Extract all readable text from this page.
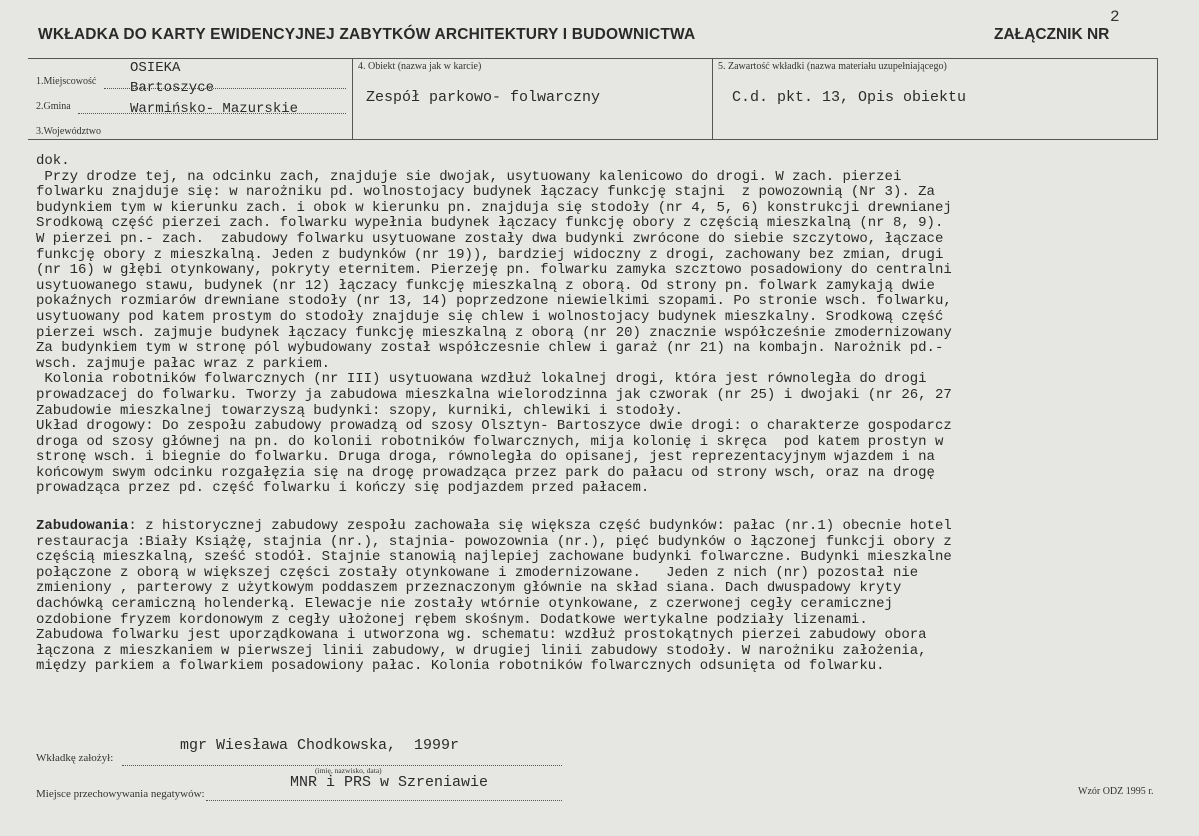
2
WKŁADKA DO KARTY EWIDENCYJNEJ ZABYTKÓW ARCHITEKTURY I BUDOWNICTWA	ZAŁĄCZNIK NR
1.Miejscowość
OSIEKA
Bartoszyce
2.Gmina	Warmińsko- Mazurskie
3.Województwo
4. Obiekt (nazwa jak w karcie)
Zespół parkowo- folwarczny
5. Zawartość wkładki (nazwa materiału uzupełniającego)
C.d. pkt. 13, Opis obiektu
dok.
Przy drodze tej, na odcinku zach, znajduje sie dwojak, usytuowany kalenicowo do drogi. W zach. pierzei
folwarku znajduje się: w narożniku pd. wolnostojacy budynek łączacy funkcję stajni  z powozownią (Nr 3). Za
budynkiem tym w kierunku zach. i obok w kierunku pn. znajduja się stodoły (nr 4, 5, 6) konstrukcji drewnianej
Srodkową część pierzei zach. folwarku wypełnia budynek łączacy funkcję obory z częścią mieszkalną (nr 8, 9).
W pierzei pn.- zach.  zabudowy folwarku usytuowane zostały dwa budynki zwrócone do siebie szczytowo, łączace
funkcję obory z mieszkalną. Jeden z budynków (nr 19)), bardziej widoczny z drogi, zachowany bez zmian, drugi
(nr 16) w głębi otynkowany, pokryty eternitem. Pierzeję pn. folwarku zamyka szcztowo posadowiony do centralni
usytuowanego stawu, budynek (nr 12) łączacy funkcję mieszkalną z oborą. Od strony pn. folwark zamykają dwie
pokaźnych rozmiarów drewniane stodoły (nr 13, 14) poprzedzone niewielkimi szopami. Po stronie wsch. folwarku,
usytuowany pod katem prostym do stodoły znajduje się chlew i wolnostojacy budynek mieszkalny. Środkową część
pierzei wsch. zajmuje budynek łączacy funkcję mieszkalną z oborą (nr 20) znacznie współcześnie zmodernizowany
Za budynkiem tym w stronę pól wybudowany został współczesnie chlew i garaż (nr 21) na kombajn. Narożnik pd.-
wsch. zajmuje pałac wraz z parkiem.
Kolonia robotników folwarcznych (nr III) usytuowana wzdłuż lokalnej drogi, która jest równoległa do drogi
prowadzacej do folwarku. Tworzy ja zabudowa mieszkalna wielorodzinna jak czworak (nr 25) i dwojaki (nr 26, 27
Zabudowie mieszkalnej towarzyszą budynki: szopy, kurniki, chlewiki i stodoły.
Układ drogowy: Do zespołu zabudowy prowadzą od szosy Olsztyn- Bartoszyce dwie drogi: o charakterze gospodarcz
droga od szosy głównej na pn. do kolonii robotników folwarcznych, mija kolonię i skręca  pod katem prostyn w
stronę wsch. i biegnie do folwarku. Druga droga, równoległa do opisanej, jest reprezentacyjnym wjazdem i na
końcowym swym odcinku rozgałęzia się na drogę prowadząca przez park do pałacu od strony wsch, oraz na drogę
prowadząca przez pd. część folwarku i kończy się podjazdem przed pałacem.
Zabudowania: z historycznej zabudowy zespołu zachowała się większa część budynków: pałac (nr.1) obecnie hotel
restauracja :Biały Książę, stajnia (nr.), stajnia- powozownia (nr.), pięć budynków o łączonej funkcji obory z
częścią mieszkalną, sześć stodół. Stajnie stanowią najlepiej zachowane budynki folwarczne. Budynki mieszkalne
połączone z oborą w większej części zostały otynkowane i zmodernizowane.   Jeden z nich (nr) pozostał nie
zmieniony , parterowy z użytkowym poddaszem przeznaczonym głównie na skład siana. Dach dwuspadowy kryty
dachówką ceramiczną holenderką. Elewacje nie zostały wtórnie otynkowane, z czerwonej cegły ceramicznej
ozdobione fryzem kordonowym z cegły ułożonej rębem skośnym. Dodatkowe wertykalne podziały lizenami.
Zabudowa folwarku jest uporządkowana i utworzona wg. schematu: wzdłuż prostokątnych pierzei zabudowy obora
łączona z mieszkaniem w pierwszej linii zabudowy, w drugiej linii zabudowy stodoły. W narożniku założenia,
między parkiem a folwarkiem posadowiony pałac. Kolonia robotników folwarcznych odsunięta od folwarku.
Wkładkę założył:
mgr Wiesława Chodkowska,  1999r
(imię, nazwisko, data)
Miejsce przechowywania negatywów:
MNR i PRS w Szreniawie
Wzór ODZ 1995 r.
